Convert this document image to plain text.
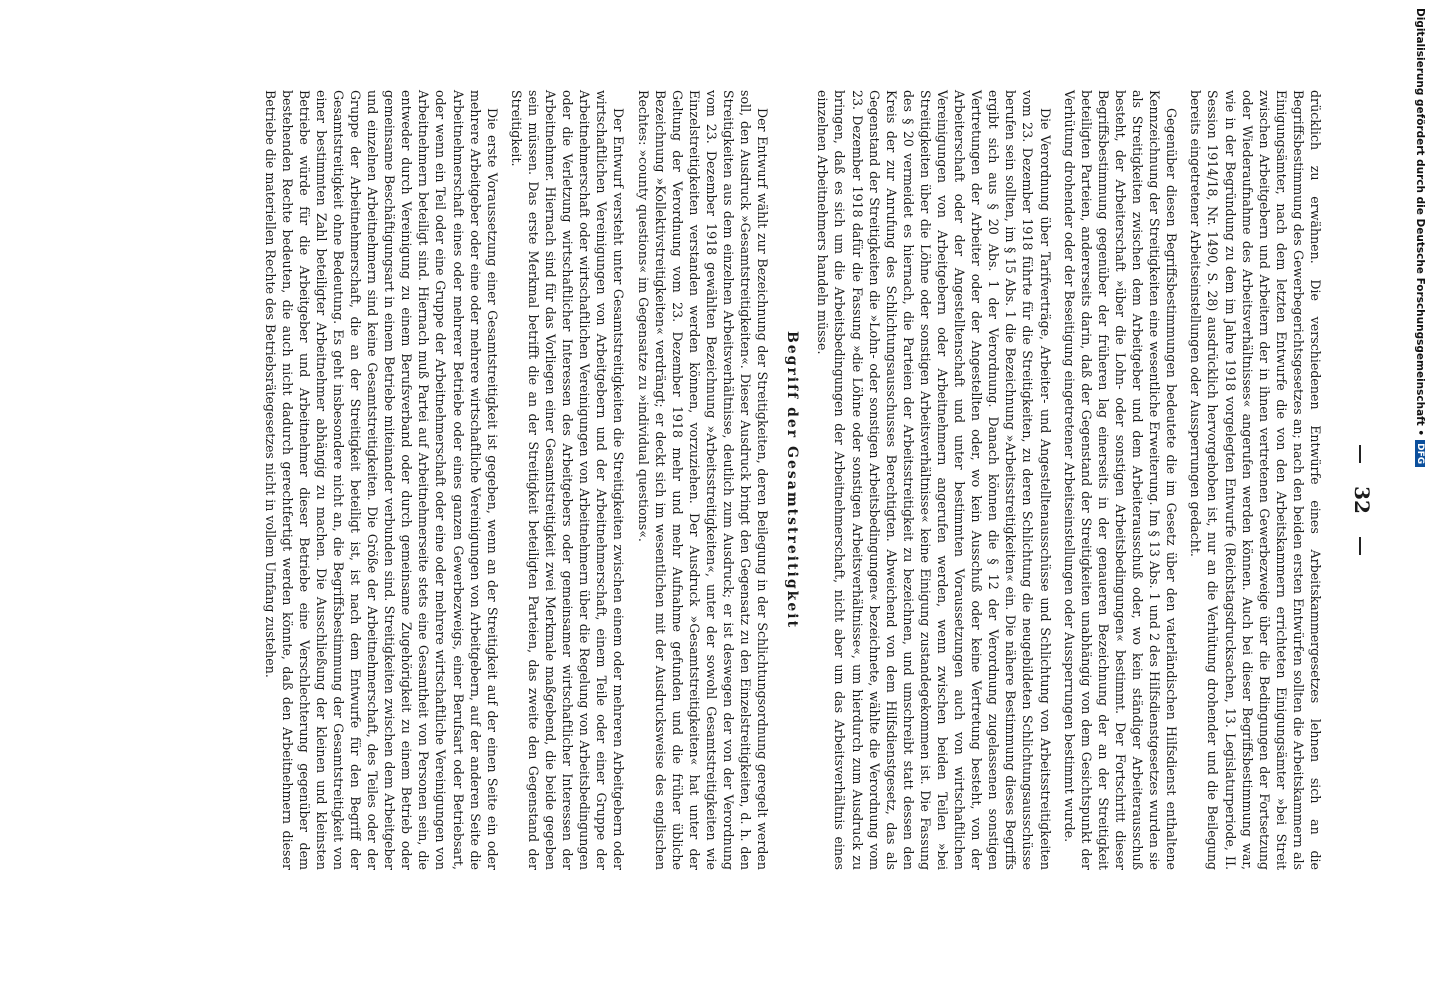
32

drücklich zu erwähnen. Die verschiedenen Entwürfe eines Arbeitskammergesetzes lehnen sich an die Begriffsbestimmung des Gewerbegerichtsgesetzes an; nach den beiden ersten Entwürfen sollten die Arbeitskammern als Einigungsämter, nach dem letzten Entwurfe die von den Arbeitskammern errichteten Einigungsämter »bei Streit zwischen Arbeitgebern und Arbeitern der in ihnen vertretenen Gewerbezweige über die Bedingungen der Fortsetzung oder Wiederaufnahme des Arbeitsverhältnisses« angerufen werden können. Auch bei dieser Begriffsbestimmung war, wie in der Begründung zu dem im Jahre 1918 vorgelegten Entwurfe (Reichstagsdrucksachen, 13. Legislaturperiode, II. Session 1914/18, Nr. 1490, S. 28) ausdrücklich hervorgehoben ist, nur an die Verhütung drohender und die Beilegung bereits eingetretener Arbeitseinstellungen oder Aussperrungen gedacht.

Gegenüber diesen Begriffsbestimmungen bedeutete die im Gesetz über den vaterländischen Hilfsdienst enthaltene Kennzeichnung der Streitigkeiten eine wesentliche Erweiterung. Im § 13 Abs. 1 und 2 des Hilfsdienstgesetzes wurden sie als Streitigkeiten zwischen dem Arbeitgeber und dem Arbeiterausschuß oder, wo kein ständiger Arbeiterausschuß besteht, der Arbeiterschaft »über die Lohn- oder sonstigen Arbeitsbedingungen« bestimmt. Der Fortschritt dieser Begriffsbestimmung gegenüber der früheren lag einerseits in der genaueren Bezeichnung der an der Streitigkeit beteiligten Parteien, andererseits darin, daß der Gegenstand der Streitigkeiten unabhängig von dem Gesichtspunkt der Verhütung drohender oder der Beseitigung eingetretener Arbeitseinstellungen oder Aussperrungen bestimmt wurde.

Die Verordnung über Tarifverträge, Arbeiter- und Angestelltenausschüsse und Schlichtung von Arbeitsstreitigkeiten vom 23. Dezember 1918 führte für die Streitigkeiten, zu deren Schlichtung die neugebildeten Schlichtungsausschüsse berufen sein sollten, im § 15 Abs. 1 die Bezeichnung »Arbeitsstreitigkeiten« ein. Die nähere Bestimmung dieses Begriffs ergibt sich aus § 20 Abs. 1 der Verordnung. Danach können die § 12 der Verordnung zugelassenen sonstigen Vertretungen der Arbeiter oder der Angestellten oder, wo kein Ausschuß oder keine Vertretung besteht, von der Arbeiterschaft oder der Angestelltenschaft und unter bestimmten Voraussetzungen auch von wirtschaftlichen Vereinigungen von Arbeitgebern oder Arbeitnehmern angerufen werden, wenn zwischen beiden Teilen »bei Streitigkeiten über die Löhne oder sonstigen Arbeitsverhältnisse« keine Einigung zustandegekommen ist. Die Fassung des § 20 vermeidet es hiernach, die Parteien der Arbeitsstreitigkeit zu bezeichnen, und umschreibt statt dessen den Kreis der zur Anrufung des Schlichtungsausschusses Berechtigten. Abweichend von dem Hilfsdienstgesetz, das als Gegenstand der Streitigkeiten die »Lohn- oder sonstigen Arbeitsbedingungen« bezeichnete, wählte die Verordnung vom 23. Dezember 1918 dafür die Fassung »die Löhne oder sonstigen Arbeitsverhältnisse«, um hierdurch zum Ausdruck zu bringen, daß es sich um die Arbeitsbedingungen der Arbeitnehmerschaft, nicht aber um das Arbeitsverhältnis eines einzelnen Arbeitnehmers handeln müsse.

Begriff der Gesamtstreitigkeit

Der Entwurf wählt zur Bezeichnung der Streitigkeiten, deren Beilegung in der Schlichtungsordnung geregelt werden soll, den Ausdruck »Gesamtstreitigkeiten«. Dieser Ausdruck bringt den Gegensatz zu den Einzelstreitigkeiten, d. h. den Streitigkeiten aus dem einzelnen Arbeitsverhältnisse, deutlich zum Ausdruck; er ist deswegen der von der Verordnung vom 23. Dezember 1918 gewählten Bezeichnung »Arbeitsstreitigkeiten«, unter der sowohl Gesamtstreitigkeiten wie Einzelstreitigkeiten verstanden werden können, vorzuziehen. Der Ausdruck »Gesamtstreitigkeiten« hat unter der Geltung der Verordnung vom 23. Dezember 1918 mehr und mehr Aufnahme gefunden und die früher übliche Bezeichnung »Kollektivstreitigkeiten« verdrängt; er deckt sich im wesentlichen mit der Ausdrucksweise des englischen Rechtes: »county questions« im Gegensatze zu »individual questions«.

Der Entwurf versteht unter Gesamtstreitigkeiten die Streitigkeiten zwischen einem oder mehreren Arbeitgebern oder wirtschaftlichen Vereinigungen von Arbeitgebern und der Arbeitnehmerschaft, einem Teile oder einer Gruppe der Arbeitnehmerschaft oder wirtschaftlichen Vereinigungen von Arbeitnehmern über die Regelung von Arbeitsbedingungen oder die Verletzung wirtschaftlicher Interessen des Arbeitgebers oder gemeinsamer wirtschaftlicher Interessen der Arbeitnehmer. Hiernach sind für das Vorliegen einer Gesamtstreitigkeit zwei Merkmale maßgebend, die beide gegeben sein müssen. Das erste Merkmal betrifft die an der Streitigkeit beteiligten Parteien, das zweite den Gegenstand der Streitigkeit.

Die erste Voraussetzung einer Gesamtstreitigkeit ist gegeben, wenn an der Streitigkeit auf der einen Seite ein oder mehrere Arbeitgeber oder eine oder mehrere wirtschaftliche Vereinigungen von Arbeitgebern, auf der anderen Seite die Arbeitnehmerschaft eines oder mehrerer Betriebe oder eines ganzen Gewerbezweigs, einer Berufsart oder Betriebsart, oder wenn ein Teil oder eine Gruppe der Arbeitnehmerschaft oder eine oder mehrere wirtschaftliche Vereinigungen von Arbeitnehmern beteiligt sind. Hiernach muß Partei auf Arbeitnehmerseite stets eine Gesamtheit von Personen sein, die entweder durch Vereinigung zu einem Berufsverband oder durch gemeinsame Zugehörigkeit zu einem Betrieb oder gemeinsame Beschäftigungsart in einem Betriebe miteinander verbunden sind. Streitigkeiten zwischen dem Arbeitgeber und einzelnen Arbeitnehmern sind keine Gesamtstreitigkeiten. Die Größe der Arbeitnehmerschaft, des Teiles oder der Gruppe der Arbeitnehmerschaft, die an der Streitigkeit beteiligt ist, ist nach dem Entwurfe für den Begriff der Gesamtstreitigkeit ohne Bedeutung. Es geht insbesondere nicht an, die Begriffsbestimmung der Gesamtstreitigkeit von einer bestimmten Zahl beteiligter Arbeitnehmer abhängig zu machen. Die Ausschließung der kleinen und kleinsten Betriebe würde für die Arbeitgeber und Arbeitnehmer dieser Betriebe eine Verschlechterung gegenüber dem bestehenden Rechte bedeuten, die auch nicht dadurch gerechtfertigt werden könnte, daß den Arbeitnehmern dieser Betriebe die materiellen Rechte des Betriebsrätegesetzes nicht in vollem Umfang zustehen.	Digitalisierung gefördert durch die Deutsche Forschungsgemeinschaft •
DFG
